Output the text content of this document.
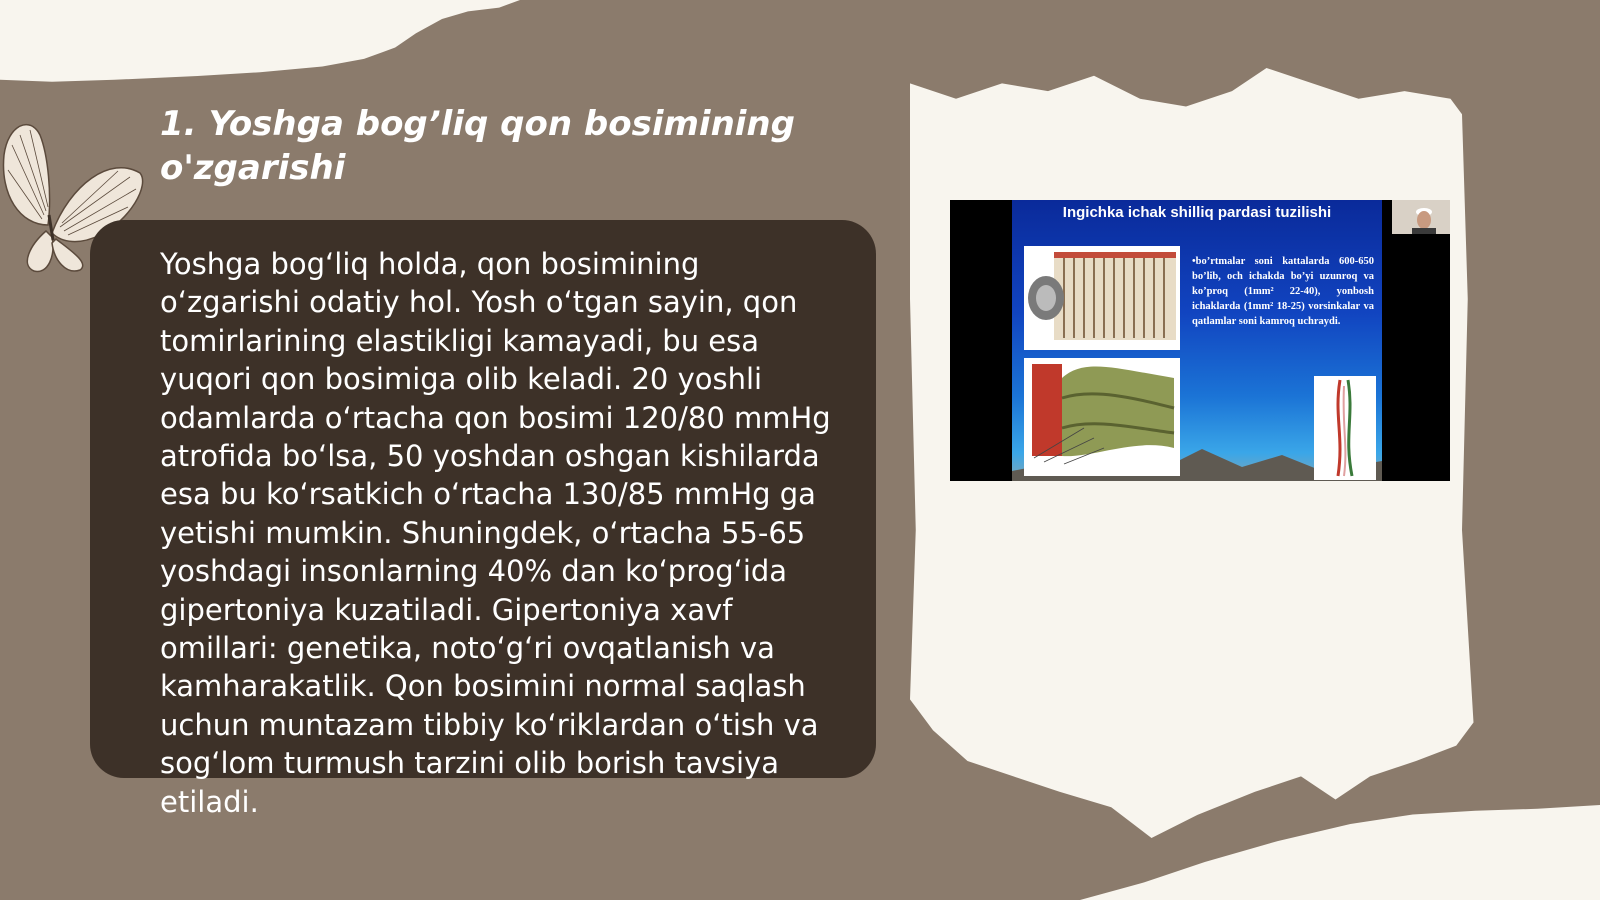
1. Yoshga bog’liq qon bosimining o'zgarishi
Yoshga bog‘liq holda, qon bosimining o‘zgarishi odatiy hol. Yosh o‘tgan sayin, qon tomirlarining elastikligi kamayadi, bu esa yuqori qon bosimiga olib keladi. 20 yoshli odamlarda o‘rtacha qon bosimi 120/80 mmHg atrofida bo‘lsa, 50 yoshdan oshgan kishilarda esa bu ko‘rsatkich o‘rtacha 130/85 mmHg ga yetishi mumkin. Shuningdek, o‘rtacha 55-65 yoshdagi insonlarning 40% dan ko‘prog‘ida gipertoniya kuzatiladi. Gipertoniya xavf omillari: genetika, noto‘g‘ri ovqatlanish va kamharakatlik. Qon bosimini normal saqlash uchun muntazam tibbiy ko‘riklardan o‘tish va sog‘lom turmush tarzini olib borish tavsiya etiladi.
Ingichka ichak shilliq pardasi tuzilishi
•bo’rtmalar soni kattalarda 600-650 bo’lib, och ichakda bo’yi uzunroq va ko’proq (1mm² 22-40), yonbosh ichaklarda (1mm² 18-25) vorsinkalar va qatlamlar soni kamroq uchraydi.
